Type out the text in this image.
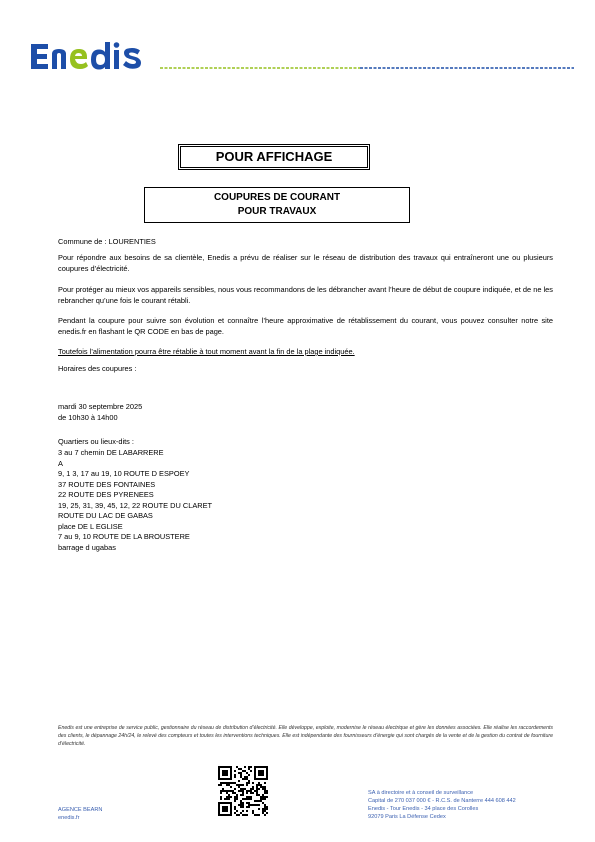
POUR AFFICHAGE
COUPURES DE COURANT
POUR TRAVAUX
Commune de : LOURENTIES
Pour répondre aux besoins de sa clientèle, Enedis a prévu de réaliser sur le réseau de distribution des travaux qui entraîneront une ou plusieurs coupures d’électricité.
Pour protéger au mieux vos appareils sensibles, nous vous recommandons de les débrancher avant l’heure de début de coupure indiquée, et de ne les rebrancher qu’une fois le courant rétabli.
Pendant la coupure pour suivre son évolution et connaître l’heure approximative de rétablissement du courant, vous pouvez consulter notre site enedis.fr en flashant le QR CODE en bas de page.
Toutefois l’alimentation pourra être rétablie à tout moment avant la fin de la plage indiquée.
Horaires des coupures :
mardi 30 septembre 2025
de 10h30 à 14h00
Quartiers ou lieux-dits :
3 au 7 chemin DE LABARRERE
A
9, 1 3, 17 au 19, 10 ROUTE D ESPOEY
37 ROUTE DES FONTAINES
22 ROUTE DES PYRENEES
19, 25, 31, 39, 45, 12, 22 ROUTE DU CLARET
ROUTE DU LAC DE GABAS
place DE L EGLISE
7 au 9, 10 ROUTE DE LA BROUSTERE
barrage d ugabas
Enedis est une entreprise de service public, gestionnaire du réseau de distribution d’électricité. Elle développe, exploite, modernise le réseau électrique et gère les données associées. Elle réalise les raccordements des clients, le dépannage 24h/24, le relevé des compteurs et toutes les interventions techniques. Elle est indépendante des fournisseurs d’énergie qui sont chargés de la vente et de la gestion du contrat de fourniture d’électricité.
AGENCE BEARN
enedis.fr
SA à directoire et à conseil de surveillance
Capital de 270 037 000 € - R.C.S. de Nanterre 444 608 442
Enedis - Tour Enedis - 34 place des Corolles
92079 Paris La Défense Cedex
